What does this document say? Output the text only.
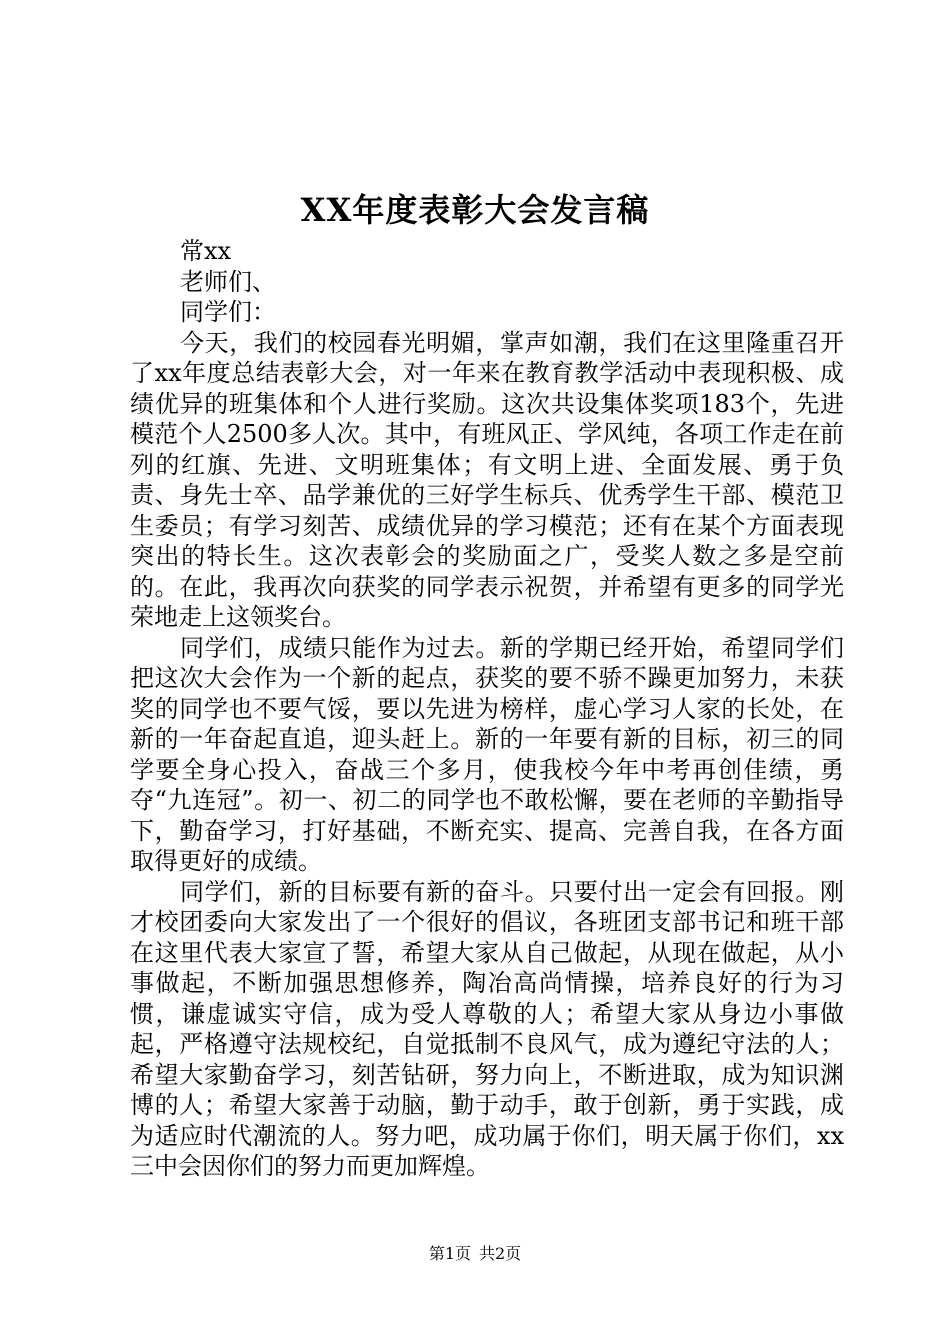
XX年度表彰大会发言稿

常xx

老师们、

同学们：

今天，我们的校园春光明媚，掌声如潮，我们在这里隆重召开了xx年度总结表彰大会，对一年来在教育教学活动中表现积极、成绩优异的班集体和个人进行奖励。这次共设集体奖项183个，先进模范个人2500多人次。其中，有班风正、学风纯，各项工作走在前列的红旗、先进、文明班集体；有文明上进、全面发展、勇于负责、身先士卒、品学兼优的三好学生标兵、优秀学生干部、模范卫生委员；有学习刻苦、成绩优异的学习模范；还有在某个方面表现突出的特长生。这次表彰会的奖励面之广，受奖人数之多是空前的。在此，我再次向获奖的同学表示祝贺，并希望有更多的同学光荣地走上这领奖台。

同学们，成绩只能作为过去。新的学期已经开始，希望同学们把这次大会作为一个新的起点，获奖的要不骄不躁更加努力，未获奖的同学也不要气馁，要以先进为榜样，虚心学习人家的长处，在新的一年奋起直追，迎头赶上。新的一年要有新的目标，初三的同学要全身心投入，奋战三个多月，使我校今年中考再创佳绩，勇夺“九连冠”。初一、初二的同学也不敢松懈，要在老师的辛勤指导下，勤奋学习，打好基础，不断充实、提高、完善自我，在各方面取得更好的成绩。

同学们，新的目标要有新的奋斗。只要付出一定会有回报。刚才校团委向大家发出了一个很好的倡议，各班团支部书记和班干部在这里代表大家宣了誓，希望大家从自己做起，从现在做起，从小事做起，不断加强思想修养，陶冶高尚情操，培养良好的行为习惯，谦虚诚实守信，成为受人尊敬的人；希望大家从身边小事做起，严格遵守法规校纪，自觉抵制不良风气，成为遵纪守法的人；希望大家勤奋学习，刻苦钻研，努力向上，不断进取，成为知识渊博的人；希望大家善于动脑，勤于动手，敢于创新，勇于实践，成为适应时代潮流的人。努力吧，成功属于你们，明天属于你们，xx三中会因你们的努力而更加辉煌。

第1页 共2页
